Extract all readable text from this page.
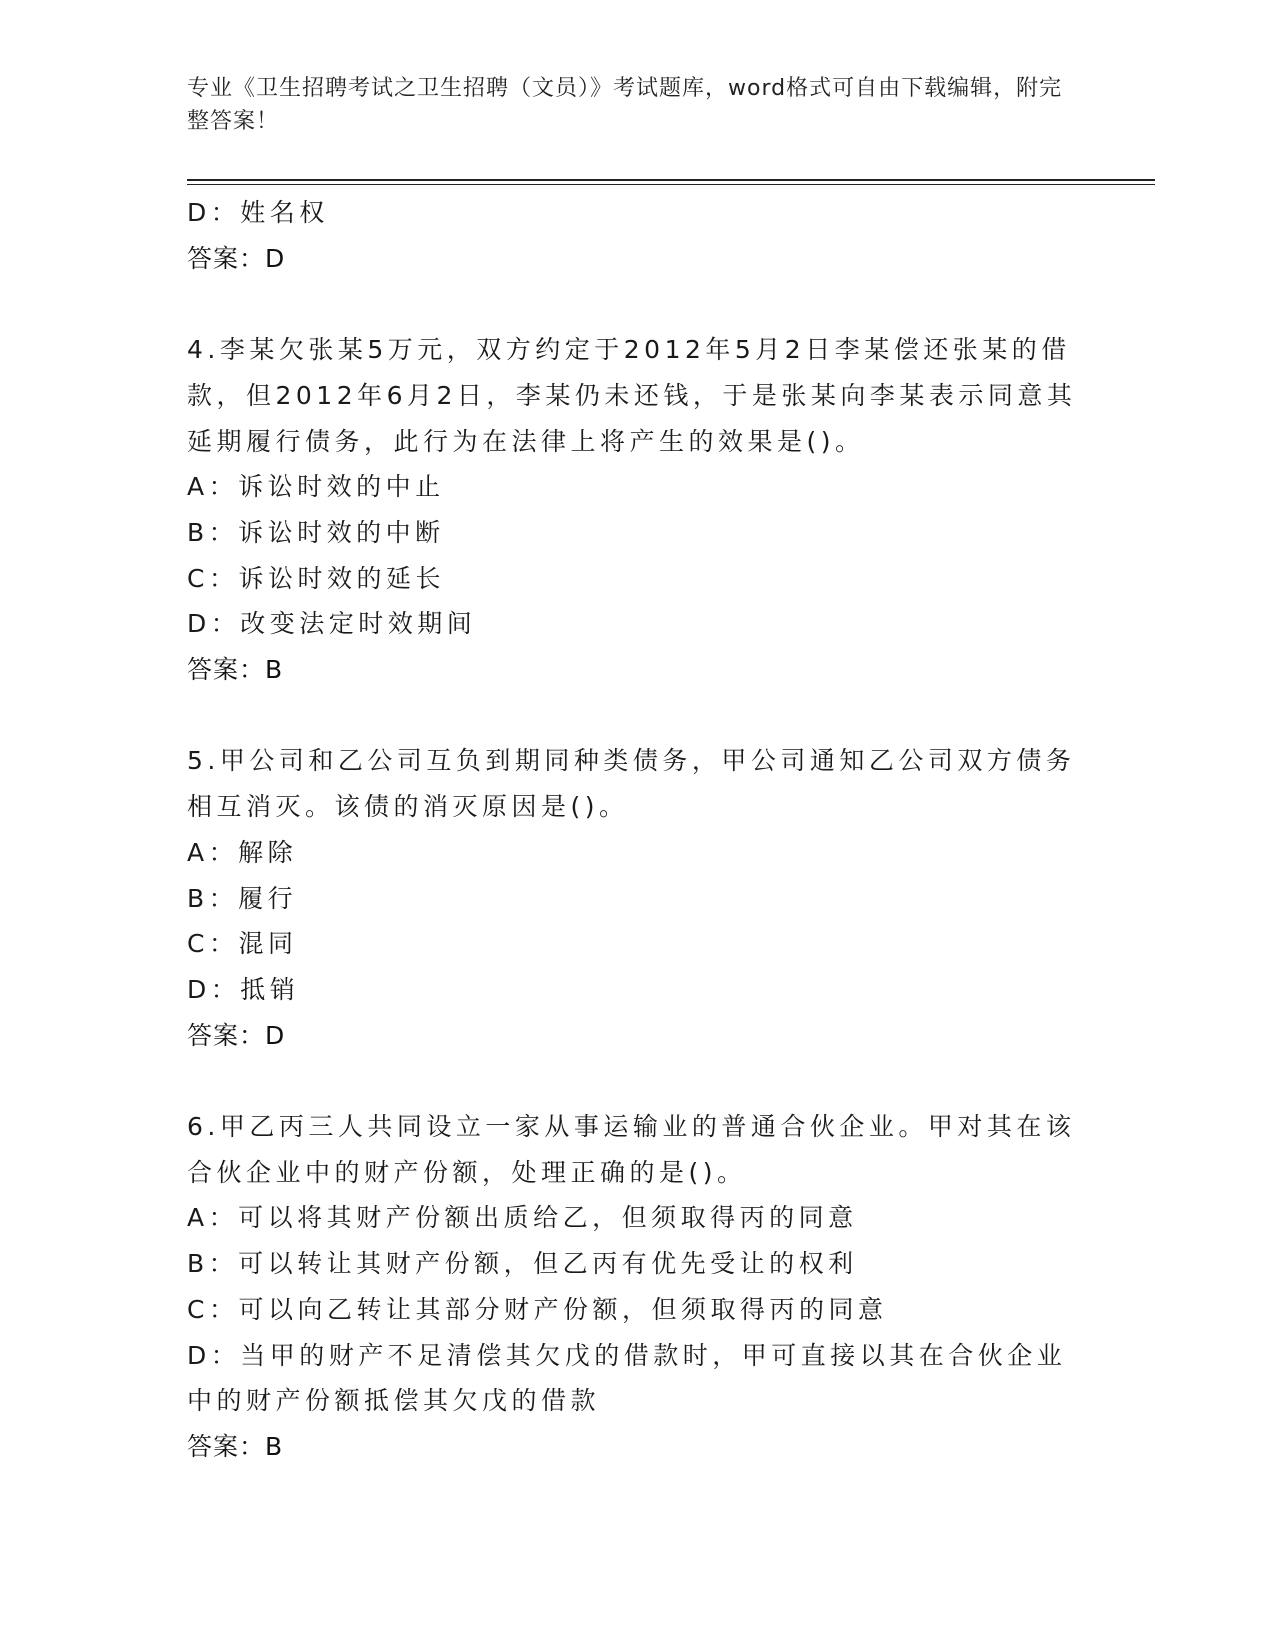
专业《卫生招聘考试之卫生招聘（文员）》考试题库，word格式可自由下载编辑，附完整答案！
D：姓名权
答案：D
4.李某欠张某5万元，双方约定于2012年5月2日李某偿还张某的借款，但2012年6月2日，李某仍未还钱，于是张某向李某表示同意其延期履行债务，此行为在法律上将产生的效果是()。
A：诉讼时效的中止
B：诉讼时效的中断
C：诉讼时效的延长
D：改变法定时效期间
答案：B
5.甲公司和乙公司互负到期同种类债务，甲公司通知乙公司双方债务相互消灭。该债的消灭原因是()。
A：解除
B：履行
C：混同
D：抵销
答案：D
6.甲乙丙三人共同设立一家从事运输业的普通合伙企业。甲对其在该合伙企业中的财产份额，处理正确的是()。
A：可以将其财产份额出质给乙，但须取得丙的同意
B：可以转让其财产份额，但乙丙有优先受让的权利
C：可以向乙转让其部分财产份额，但须取得丙的同意
D：当甲的财产不足清偿其欠戊的借款时，甲可直接以其在合伙企业中的财产份额抵偿其欠戊的借款
答案：B
